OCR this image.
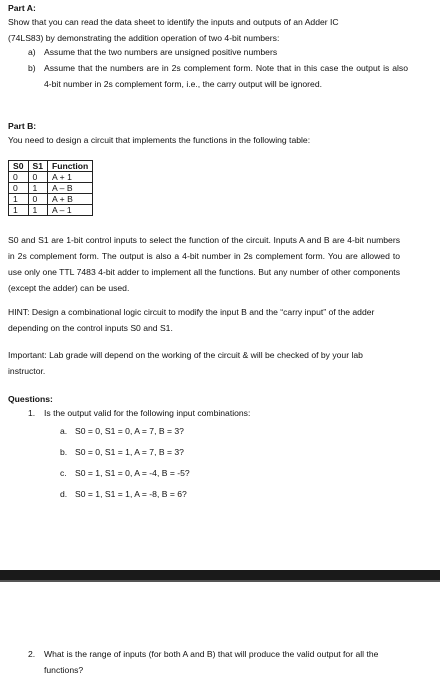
Part A:
Show that you can read the data sheet to identify the inputs and outputs of an Adder IC
(74LS83) by demonstrating the addition operation of two 4-bit numbers:
a) Assume that the two numbers are unsigned positive numbers
b) Assume that the numbers are in 2s complement form. Note that in this case the output is also 4-bit number in 2s complement form, i.e., the carry output will be ignored.
Part B:
You need to design a circuit that implements the functions in the following table:
S0	S1	Function
0	0	A + 1
0	1	A – B
1	0	A + B
1	1	A – 1
S0 and S1 are 1-bit control inputs to select the function of the circuit. Inputs A and B are 4-bit numbers in 2s complement form. The output is also a 4-bit number in 2s complement form. You are allowed to use only one TTL 7483 4-bit adder to implement all the functions. But any number of other components (except the adder) can be used.
HINT: Design a combinational logic circuit to modify the input B and the “carry input” of the adder depending on the control inputs S0 and S1.
Important: Lab grade will depend on the working of the circuit & will be checked of by your lab instructor.
Questions:
1.	Is the output valid for the following input combinations:
a. S0 = 0, S1 = 0, A = 7, B = 3?
b. S0 = 0, S1 = 1, A = 7, B = 3?
c. S0 = 1, S1 = 0, A = -4, B = -5?
d. S0 = 1, S1 = 1, A = -8, B = 6?
2.	What is the range of inputs (for both A and B) that will produce the valid output for all the functions?
